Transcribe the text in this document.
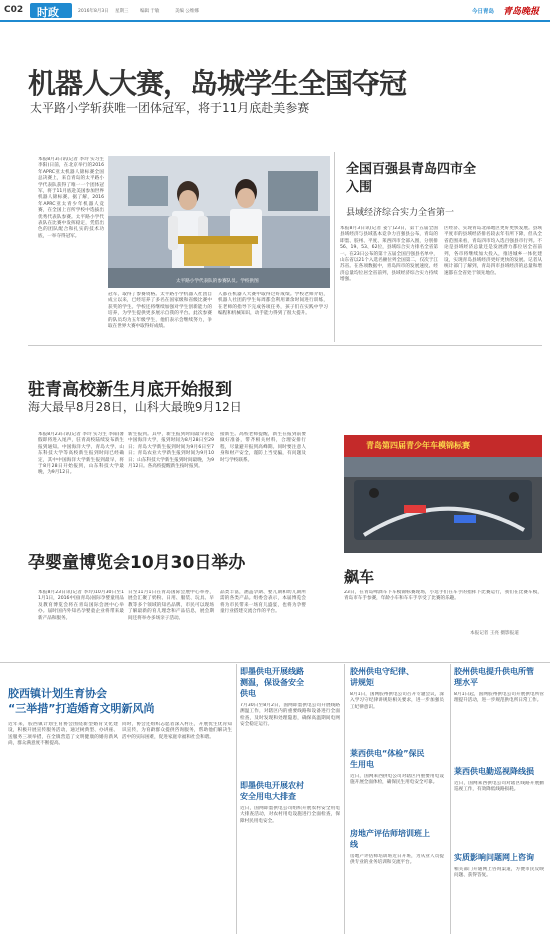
C02 时政	2016年8月3日 星期三	编辑 于敏	美编 公维娜	今日青岛 青岛晚报
机器人大赛，岛城学生全国夺冠
太平路小学斩获唯一团体冠军，将于11月底赴美参赛
本报8月3日讯(记者 李玲 实习生 李阳)日前，在北京举行的2016年APRC亚太机器人锦标赛全国总决赛上，来自青岛的太平路小学代表队获得了唯一一个团体冠军，将于11月底赴美国参加世界机器人锦标赛。据了解，2016年APRC亚太青少年机器人竞赛，在全国上百所学校中选拔出优秀代表队参赛。太平路小学代表队在比赛中发挥稳定，凭借出色的团队配合和扎实的技术功底，一举夺得冠军。
太平路小学代表队的参赛队员。学校供图
冠军，取得了参赛资格。太平路小学机器人社团自成立以来，已经培养了多名在国家级和省级比赛中获奖的学生。学校还将继续加强对学生创新能力的培养，为学生提供更多展示自我的平台。此次参赛的队员均为五年级学生，他们表示会继续努力，争取在世界大赛中取得好成绩。
人都在机器人大赛中取得过好成绩。学校老师介绍，机器人社团的学生每周都会利用课余时间进行训练，在老师的指导下完成各项任务，孩子们在实践中学习编程和机械知识，动手能力得到了很大提升。
全国百强县青岛四市全入围
县域经济综合实力全省第一
本报8月3日讯(记者 姜宁)23日，第十五届全国县域经济与县域基本竞争力百强县公布，青岛的即墨、胶州、平度、莱西四市全部入围，分别排56、19、53、62位，县域综合实力排名全省第一。在23日公布的第十五届全国百强县名单中，山东省以21个入选名额位列全国第二，仅次于江苏省。在各项数据中，青岛四市的发展速度、经济总量均位居全省前列，县域经济综合实力持续增强。
区经济、实现青岛北部地区更好更快发展。县域平度市的县域经济排名较去年有所下降，但从全省范围来看，青岛四市均入选百强县市行列。不论是县域经济总量还是发展潜力都位居全省前列，各市将继续加大投入，推进城乡一体化建设，实现青岛县域经济更好更快的发展。记者从统计部门了解到，青岛四市县域经济的总量和增速都在全省处于领先地位。
驻青高校新生月底开始报到
海大最早8月28日，山科大最晚9月12日
本报8月23日讯(记者 李玲 实习生 李阳)暑假即将进入尾声，驻青高校陆续发布新生报到通知。中国海洋大学、青岛大学、山东科技大学等高校新生报到时间已经确定，其中中国海洋大学新生报到最早，将于8月28日开始报到，山东科技大学最晚，为9月12日。
新生报到。其中，新生报到时间最早的是中国海洋大学，报到时间为8月28日至29日；青岛大学新生报到时间为9月6日至7日；青岛农业大学新生报到时间为9月10日；山东科技大学新生报到时间最晚，为9月12日。各高校提醒新生按时报到。
接新生。高校老师提醒，新生在报到前要做好准备，带齐相关材料，合理安排行程，尽量避开报到高峰期。同时要注意人身和财产安全，谨防上当受骗，有问题及时与学校联系。
青岛第四届青少年车模锦标赛
孕婴童博览会10月30日举办
本报8月23日讯(记者 李玲)10月30日至11月1日，2016中国(青岛)国际孕婴童用品及教育博览会将在青岛国际会展中心举办。届时国内外知名孕婴童企业将带来最新产品和服务。
日至11月1日在青岛国际会展中心举办，展会汇聚了奶粉、日用、服装、玩具、早教等多个领域的知名品牌，市民可以现场了解最新的育儿理念和产品信息，展会期间还将举办多场亲子活动。
品类丰富，涵盖孕期、婴儿期和幼儿期所需的各类产品。组委会表示，本届博览会将为市民带来一场育儿盛宴，也将为孕婴童行业搭建交流合作的平台。
飙车
23日，在青岛啤酒车下车模锦标赛现场，小选手们在车手的指挥下比赛运行，我们在比赛车模，青岛市车手参赛，年龄小车和车车手享受了比赛的乐趣。
本报记者 王亮 摄影报道
胶西镇计划生育协会
“三举措”打造婚育文明新风尚
近年来，胶西镇计划生育协会围绕新型婚育文化建设，积极开展宣传服务活动，通过树典型、办讲座、送服务三项举措，在全镇营造了文明健康的婚育新风尚，群众满意度不断提高。
同时，协会还组织志愿者深入村庄，开展优生优育知识宣传，为育龄群众提供咨询服务，帮助他们解决生活中的实际困难，促进家庭幸福和社会和谐。
即墨供电开展线路测温，保设备安全供电
7月30日至8月2日，国网即墨供电公司开展线路测温工作，对辖区内的重要线路和设备进行全面检查，及时发现和处理隐患，确保高温期间电网安全稳定运行。
即墨供电开展农村安全用电大排查
近日，国网即墨供电公司组织开展农村安全用电大排查活动，对农村用电设施进行全面检查，保障村民用电安全。
胶州供电守纪律、讲规矩
8月1日，国网胶州供电公司召开专题会议，深入学习守纪律讲规矩相关要求，进一步加强员工纪律意识。
莱西供电“体检”保民生用电
近日，国网莱西供电公司对辖区内重要用电设施开展全面体检，确保民生用电安全可靠。
房地产评估师培训班上线
房地产评估师培训班近日开班，为从业人员提供专业的业务培训和交流平台。
胶州供电提升供电所管理水平
8月1日起，国网胶州供电公司开展供电所管理提升活动，进一步规范供电所日常工作。
莱西供电勤巡视降线损
近日，国网莱西供电公司对辖区线路开展勤巡视工作，有效降低线路损耗。
实质影响问题网上咨询
相关部门开通网上咨询渠道，方便市民反映问题、获得答复。
